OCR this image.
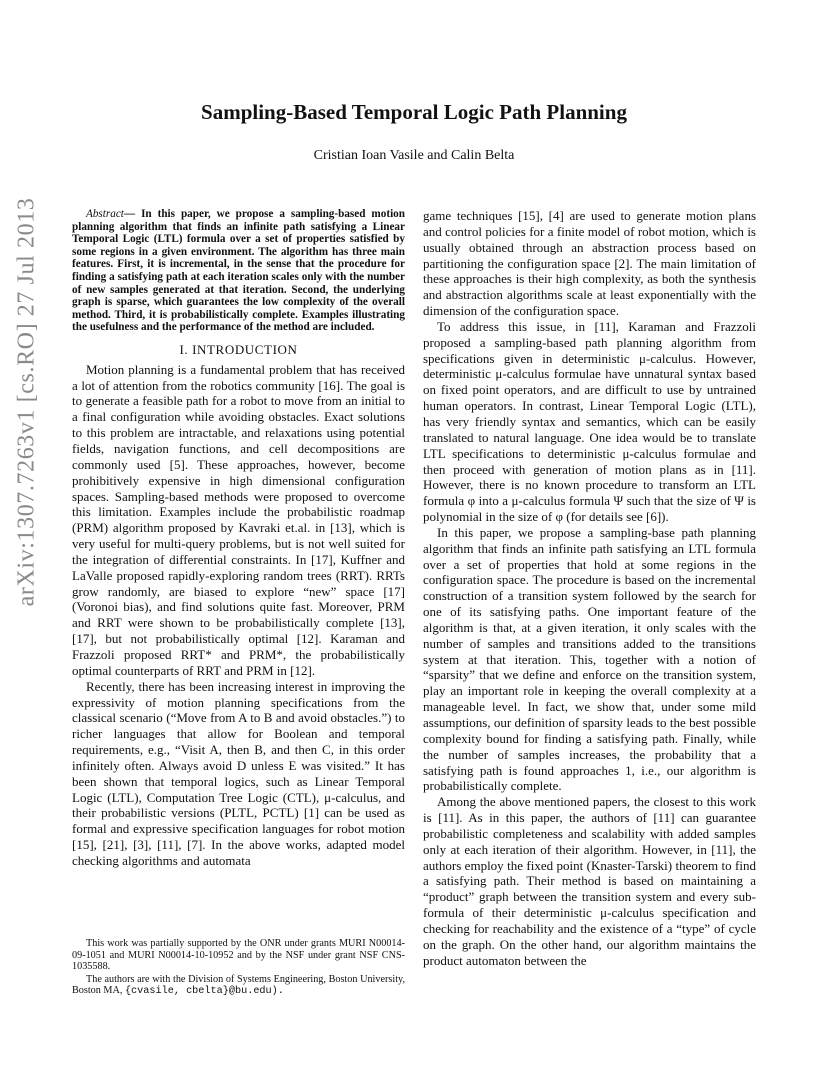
arXiv:1307.7263v1 [cs.RO] 27 Jul 2013
Sampling-Based Temporal Logic Path Planning
Cristian Ioan Vasile and Calin Belta

Abstract— In this paper, we propose a sampling-based motion planning algorithm that finds an infinite path satisfying a Linear Temporal Logic (LTL) formula over a set of properties satisfied by some regions in a given environment. The algorithm has three main features. First, it is incremental, in the sense that the procedure for finding a satisfying path at each iteration scales only with the number of new samples generated at that iteration. Second, the underlying graph is sparse, which guarantees the low complexity of the overall method. Third, it is probabilistically complete. Examples illustrating the usefulness and the performance of the method are included.

I. INTRODUCTION

Motion planning is a fundamental problem that has received a lot of attention from the robotics community [16]. The goal is to generate a feasible path for a robot to move from an initial to a final configuration while avoiding obstacles. Exact solutions to this problem are intractable, and relaxations using potential fields, navigation functions, and cell decompositions are commonly used [5]. These approaches, however, become prohibitively expensive in high dimensional configuration spaces. Sampling-based methods were proposed to overcome this limitation. Examples include the probabilistic roadmap (PRM) algorithm proposed by Kavraki et.al. in [13], which is very useful for multi-query problems, but is not well suited for the integration of differential constraints. In [17], Kuffner and LaValle proposed rapidly-exploring random trees (RRT). RRTs grow randomly, are biased to explore “new” space [17] (Voronoi bias), and find solutions quite fast. Moreover, PRM and RRT were shown to be probabilistically complete [13], [17], but not probabilistically optimal [12]. Karaman and Frazzoli proposed RRT* and PRM*, the probabilistically optimal counterparts of RRT and PRM in [12].

Recently, there has been increasing interest in improving the expressivity of motion planning specifications from the classical scenario (“Move from A to B and avoid obstacles.”) to richer languages that allow for Boolean and temporal requirements, e.g., “Visit A, then B, and then C, in this order infinitely often. Always avoid D unless E was visited.” It has been shown that temporal logics, such as Linear Temporal Logic (LTL), Computation Tree Logic (CTL), μ-calculus, and their probabilistic versions (PLTL, PCTL) [1] can be used as formal and expressive specification languages for robot motion [15], [21], [3], [11], [7]. In the above works, adapted model checking algorithms and automata

This work was partially supported by the ONR under grants MURI N00014-09-1051 and MURI N00014-10-10952 and by the NSF under grant NSF CNS-1035588.

The authors are with the Division of Systems Engineering, Boston University, Boston MA, {cvasile, cbelta}@bu.edu).

game techniques [15], [4] are used to generate motion plans and control policies for a finite model of robot motion, which is usually obtained through an abstraction process based on partitioning the configuration space [2]. The main limitation of these approaches is their high complexity, as both the synthesis and abstraction algorithms scale at least exponentially with the dimension of the configuration space.

To address this issue, in [11], Karaman and Frazzoli proposed a sampling-based path planning algorithm from specifications given in deterministic μ-calculus. However, deterministic μ-calculus formulae have unnatural syntax based on fixed point operators, and are difficult to use by untrained human operators. In contrast, Linear Temporal Logic (LTL), has very friendly syntax and semantics, which can be easily translated to natural language. One idea would be to translate LTL specifications to deterministic μ-calculus formulae and then proceed with generation of motion plans as in [11]. However, there is no known procedure to transform an LTL formula φ into a μ-calculus formula Ψ such that the size of Ψ is polynomial in the size of φ (for details see [6]).

In this paper, we propose a sampling-base path planning algorithm that finds an infinite path satisfying an LTL formula over a set of properties that hold at some regions in the configuration space. The procedure is based on the incremental construction of a transition system followed by the search for one of its satisfying paths. One important feature of the algorithm is that, at a given iteration, it only scales with the number of samples and transitions added to the transitions system at that iteration. This, together with a notion of “sparsity” that we define and enforce on the transition system, play an important role in keeping the overall complexity at a manageable level. In fact, we show that, under some mild assumptions, our definition of sparsity leads to the best possible complexity bound for finding a satisfying path. Finally, while the number of samples increases, the probability that a satisfying path is found approaches 1, i.e., our algorithm is probabilistically complete.

Among the above mentioned papers, the closest to this work is [11]. As in this paper, the authors of [11] can guarantee probabilistic completeness and scalability with added samples only at each iteration of their algorithm. However, in [11], the authors employ the fixed point (Knaster-Tarski) theorem to find a satisfying path. Their method is based on maintaining a “product” graph between the transition system and every sub-formula of their deterministic μ-calculus specification and checking for reachability and the existence of a “type” of cycle on the graph. On the other hand, our algorithm maintains the product automaton between the
